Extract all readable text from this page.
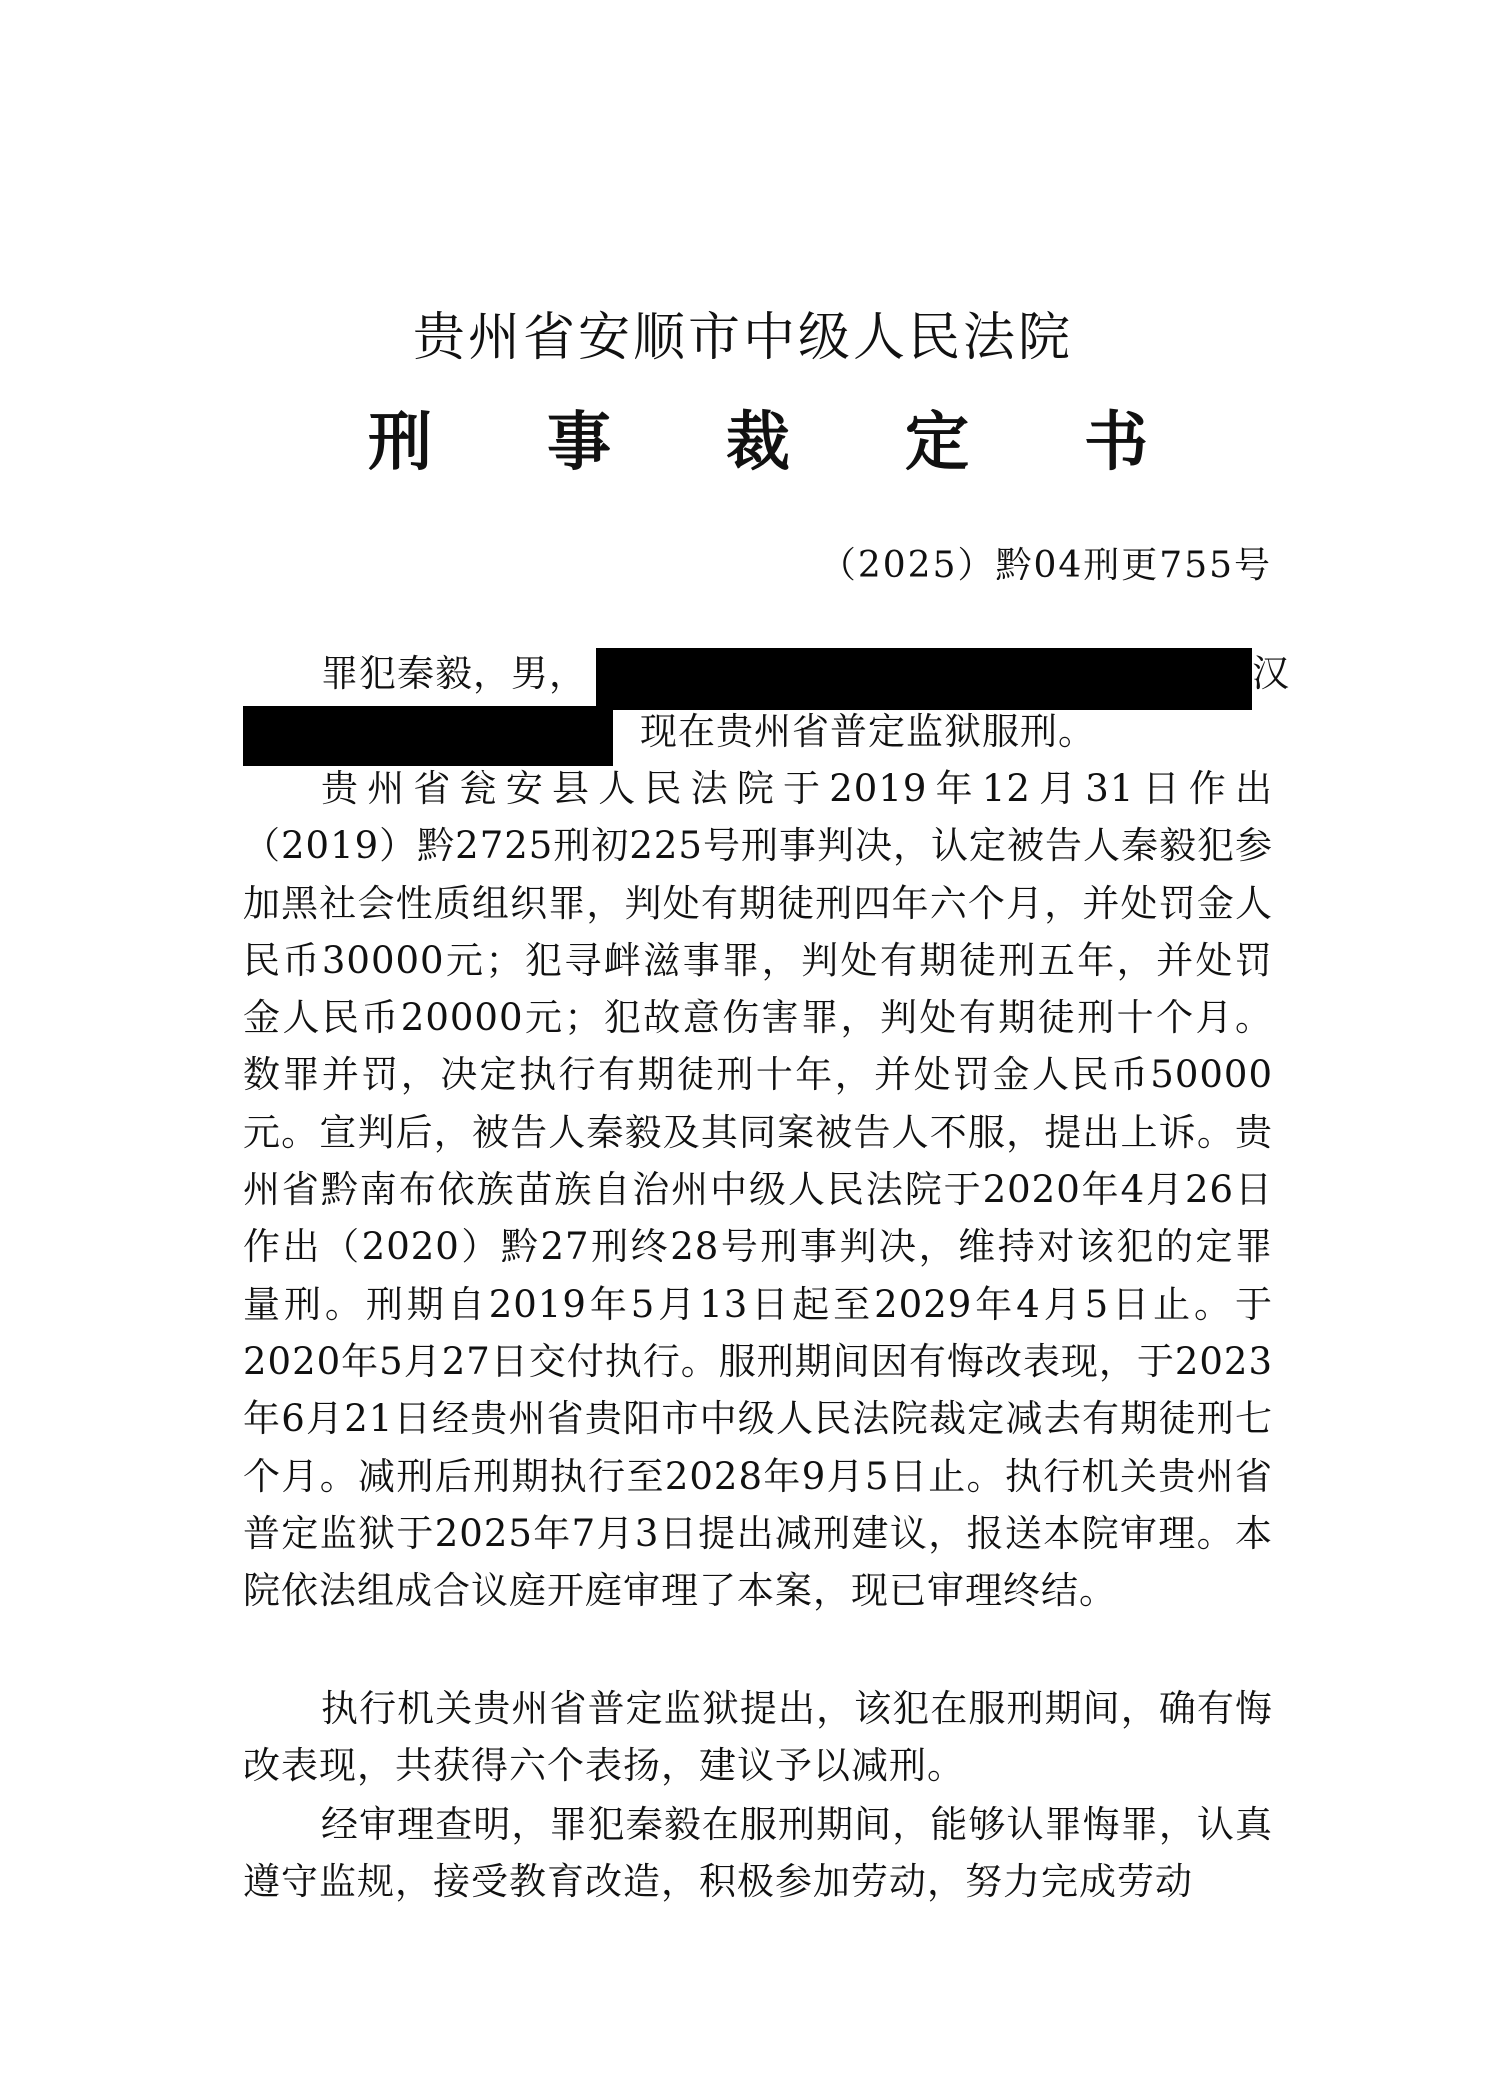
贵州省安顺市中级人民法院
刑 事 裁 定 书
（2025）黔04刑更755号
罪犯秦毅，男，	汉
现在贵州省普定监狱服刑。
贵州省瓮安县人民法院于2019年12月31日作出（2019）黔2725刑初225号刑事判决，认定被告人秦毅犯参加黑社会性质组织罪，判处有期徒刑四年六个月，并处罚金人民币30000元；犯寻衅滋事罪，判处有期徒刑五年，并处罚金人民币20000元；犯故意伤害罪，判处有期徒刑十个月。数罪并罚，决定执行有期徒刑十年，并处罚金人民币50000元。宣判后，被告人秦毅及其同案被告人不服，提出上诉。贵州省黔南布依族苗族自治州中级人民法院于2020年4月26日作出（2020）黔27刑终28号刑事判决，维持对该犯的定罪量刑。刑期自2019年5月13日起至2029年4月5日止。于2020年5月27日交付执行。服刑期间因有悔改表现，于2023年6月21日经贵州省贵阳市中级人民法院裁定减去有期徒刑七个月。减刑后刑期执行至2028年9月5日止。执行机关贵州省普定监狱于2025年7月3日提出减刑建议，报送本院审理。本院依法组成合议庭开庭审理了本案，现已审理终结。
执行机关贵州省普定监狱提出，该犯在服刑期间，确有悔改表现，共获得六个表扬，建议予以减刑。
经审理查明，罪犯秦毅在服刑期间，能够认罪悔罪，认真遵守监规，接受教育改造，积极参加劳动，努力完成劳动
